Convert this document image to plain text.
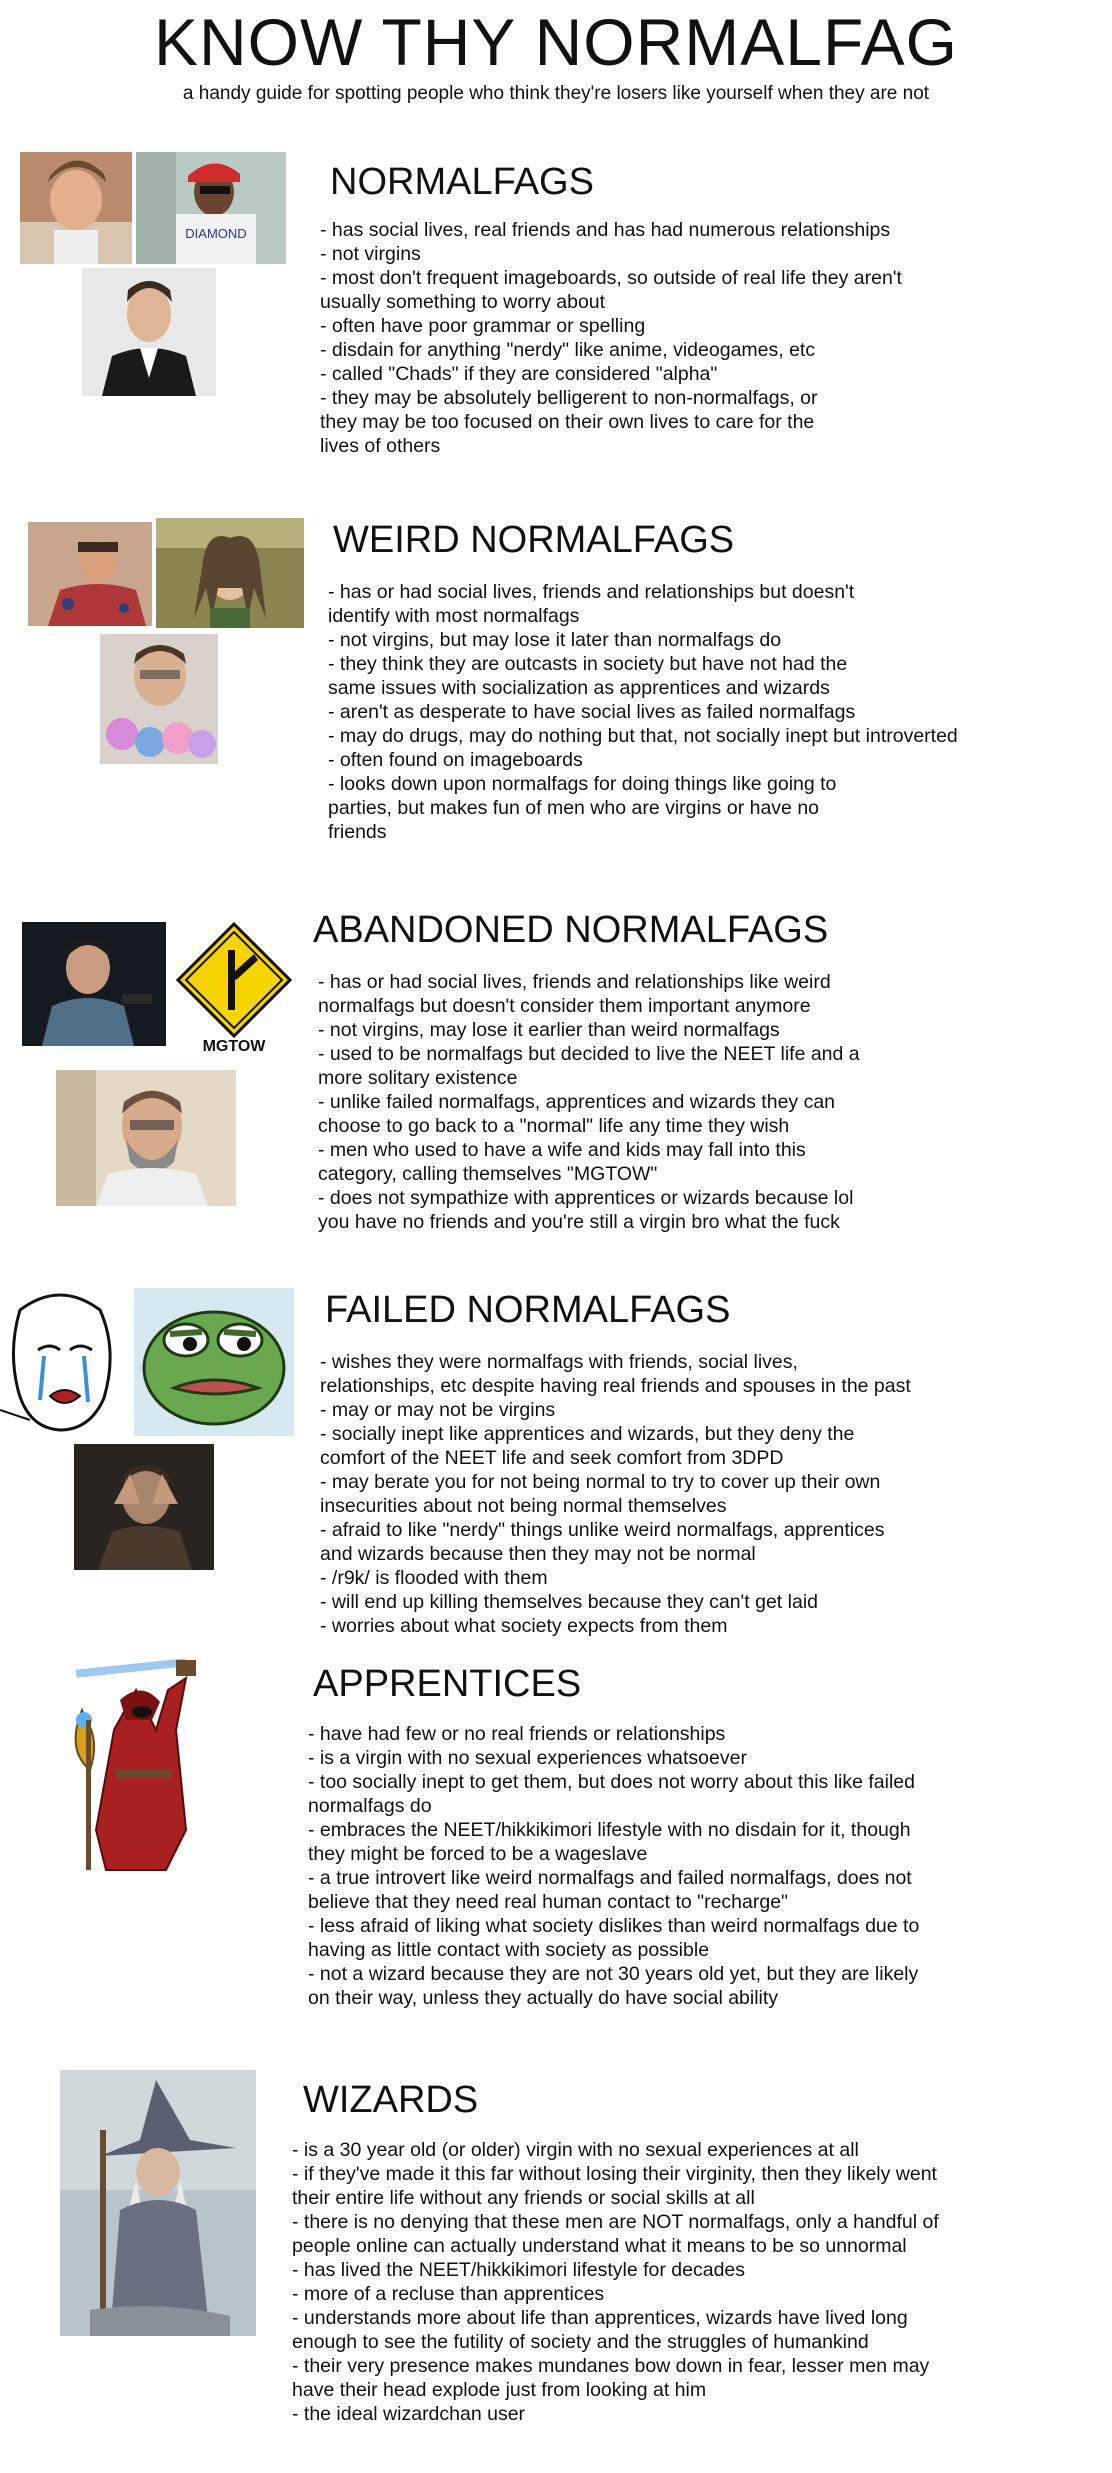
KNOW THY NORMALFAG
a handy guide for spotting people who think they're losers like yourself when they are not
DIAMOND
NORMALFAGS
- has social lives, real friends and has had numerous relationships
- not virgins
- most don't frequent imageboards, so outside of real life they aren't
usually something to worry about
- often have poor grammar or spelling
- disdain for anything "nerdy" like anime, videogames, etc
- called "Chads" if they are considered "alpha"
- they may be absolutely belligerent to non-normalfags, or
they may be too focused on their own lives to care for the
lives of others
WEIRD NORMALFAGS
- has or had social lives, friends and relationships but doesn't
identify with most normalfags
- not virgins, but may lose it later than normalfags do
- they think they are outcasts in society but have not had the
same issues with socialization as apprentices and wizards
- aren't as desperate to have social lives as failed normalfags
- may do drugs, may do nothing but that, not socially inept but introverted
- often found on imageboards
- looks down upon normalfags for doing things like going to
parties, but makes fun of men who are virgins or have no
friends
MGTOW
ABANDONED NORMALFAGS
- has or had social lives, friends and relationships like weird
normalfags but doesn't consider them important anymore
- not virgins, may lose it earlier than weird normalfags
- used to be normalfags but decided to live the NEET life and a
more solitary existence
- unlike failed normalfags, apprentices and wizards they can
choose to go back to a "normal" life any time they wish
- men who used to have a wife and kids may fall into this
category, calling themselves "MGTOW"
- does not sympathize with apprentices or wizards because lol
you have no friends and you're still a virgin bro what the fuck
FAILED NORMALFAGS
- wishes they were normalfags with friends, social lives,
relationships, etc despite having real friends and spouses in the past
- may or may not be virgins
- socially inept like apprentices and wizards, but they deny the
comfort of the NEET life and seek comfort from 3DPD
- may berate you for not being normal to try to cover up their own
insecurities about not being normal themselves
- afraid to like "nerdy" things unlike weird normalfags, apprentices
and wizards because then they may not be normal
- /r9k/ is flooded with them
- will end up killing themselves because they can't get laid
- worries about what society expects from them
APPRENTICES
- have had few or no real friends or relationships
- is a virgin with no sexual experiences whatsoever
- too socially inept to get them, but does not worry about this like failed
normalfags do
- embraces the NEET/hikkikimori lifestyle with no disdain for it, though
they might be forced to be a wageslave
- a true introvert like weird normalfags and failed normalfags, does not
believe that they need real human contact to "recharge"
- less afraid of liking what society dislikes than weird normalfags due to
having as little contact with society as possible
- not a wizard because they are not 30 years old yet, but they are likely
on their way, unless they actually do have social ability
WIZARDS
- is a 30 year old (or older) virgin with no sexual experiences at all
- if they've made it this far without losing their virginity, then they likely went
their entire life without any friends or social skills at all
- there is no denying that these men are NOT normalfags, only a handful of
people online can actually understand what it means to be so unnormal
- has lived the NEET/hikkikimori lifestyle for decades
- more of a recluse than apprentices
- understands more about life than apprentices, wizards have lived long
enough to see the futility of society and the struggles of humankind
- their very presence makes mundanes bow down in fear, lesser men may
have their head explode just from looking at him
- the ideal wizardchan user
